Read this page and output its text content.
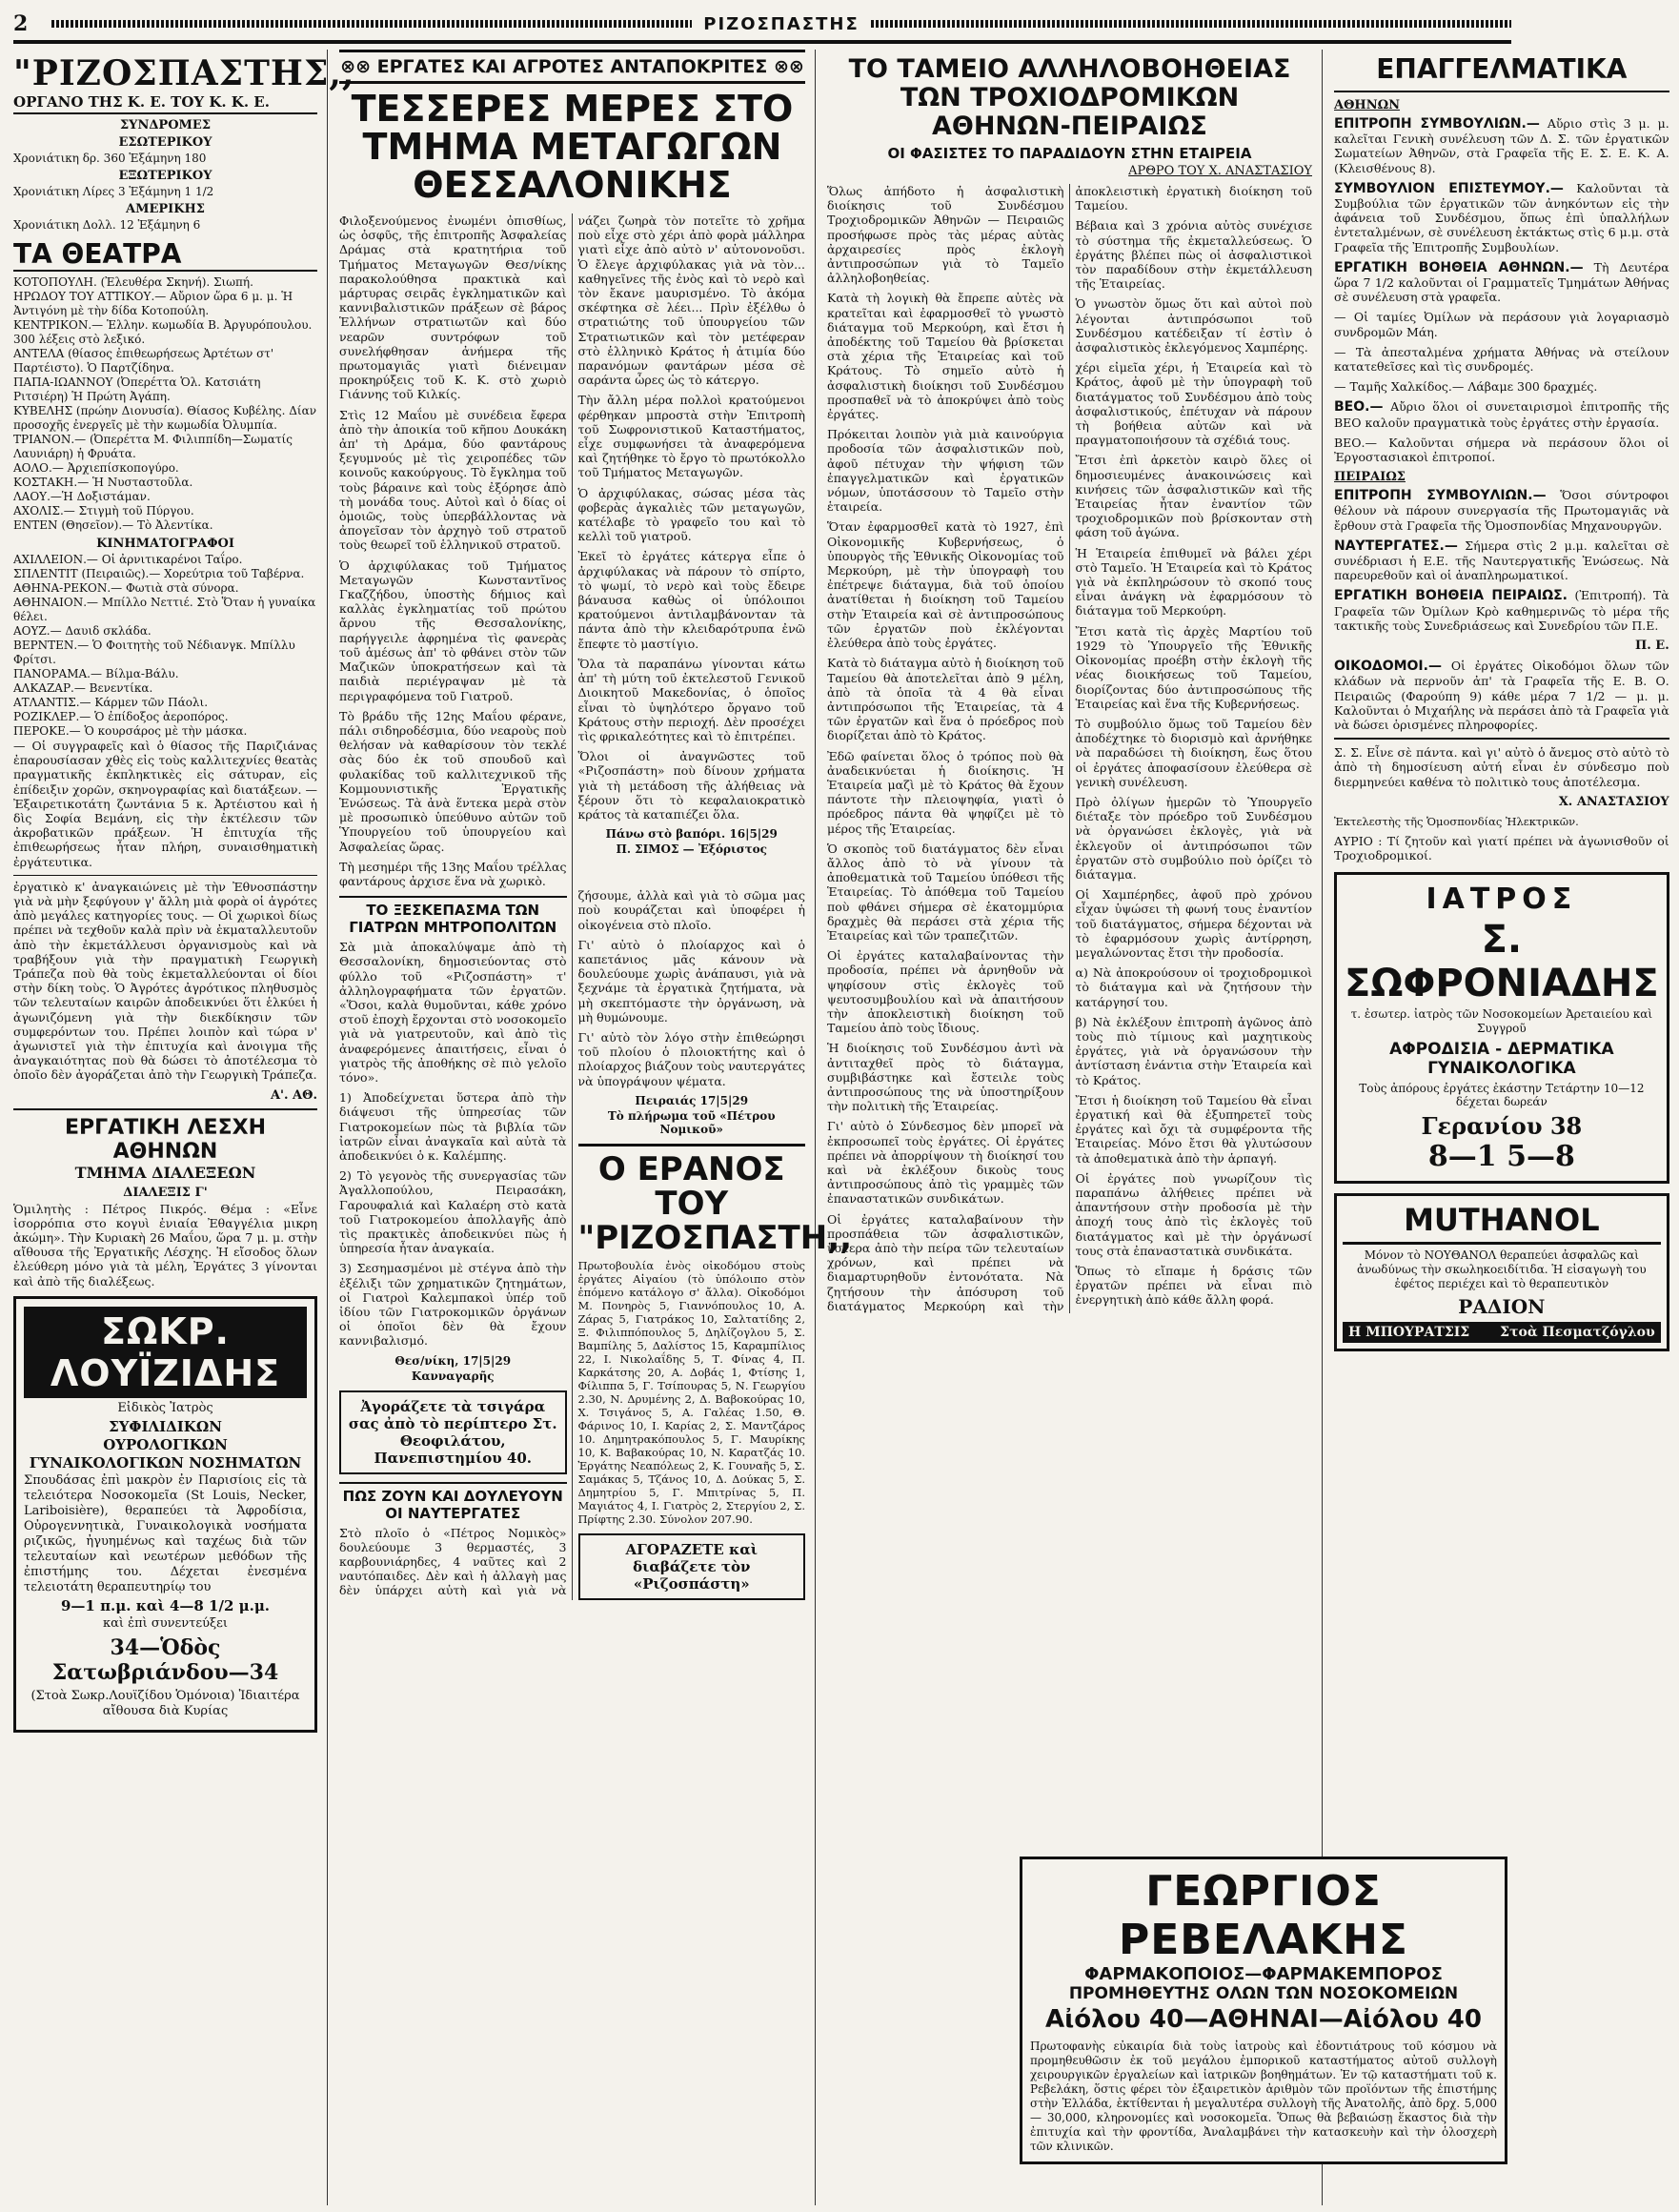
2	ΡΙΖΟΣΠΑΣΤΗΣ
"ΡΙΖΟΣΠΑΣΤΗΣ,,
ΟΡΓΑΝΟ ΤΗΣ Κ. Ε. ΤΟΥ Κ. Κ. Ε.
ΣΥΝΔΡΟΜΕΣ
ΕΣΩΤΕΡΙΚΟΥ

Χρονιάτικη δρ. 360 Ἑξάμηνη 180

ΕΞΩΤΕΡΙΚΟΥ

Χρονιάτικη Λίρες 3 Ἑξάμηνη 1 1/2

ΑΜΕΡΙΚΗΣ

Χρονιάτικη Δολλ. 12 Ἑξάμηνη 6

ΤΑ ΘΕΑΤΡΑ

ΚΟΤΟΠΟΥΛΗ. (Ἐλευθέρα Σκηνή). Σιωπή.

ΗΡΩΔΟΥ ΤΟΥ ΑΤΤΙΚΟΥ.— Αὔριον ὥρα 6 μ. μ. Ἡ Ἀντιγόνη μὲ τὴν δίδα Κοτοπούλη.

ΚΕΝΤΡΙΚΟΝ.— Ἑλλην. κωμωδία Β. Ἀργυρόπουλου. 300 λέξεις στὸ λεξικό.

ΑΝΤΕΛΑ (θίασος ἐπιθεωρήσεως Ἀρτέτων στ' Παρτέιστο). Ὁ Παρτζίδηνα.

ΠΑΠΑ-ΙΩΑΝΝΟΥ (Ὀπερέττα Ὁλ. Κατσιάτη Ριτσιέρη) Ἡ Πρώτη Ἀγάπη.

ΚΥΒΕΛΗΣ (πρώην Διονυσία). Θίασος Κυβέλης. Δίαν προσοχῆς ἐνεργεῖς μὲ τὴν κωμωδία Ὀλυμπία.

ΤΡΙΑΝΟΝ.— (Ὀπερέττα Μ. Φιλιππίδη—Σωματίς Λαυνιάρη) ἡ Φρυάτα.

ΑΟΛΟ.— Ἀρχιεπίσκοπογύρο.

ΚΟΣΤΑΚΗ.— Ἡ Νυσταστοῦλα.

ΛΑΟΥ.—Ἡ Δοξιστάμαν.

ΑΧΟΛΙΣ.— Στιγμὴ τοῦ Πύργου.

ΕΝΤΕΝ (Θησεῖον).— Τὸ Ἀλεντίκα.

ΚΙΝΗΜΑΤΟΓΡΑΦΟΙ

ΑΧΙΛΛΕΙΟΝ.— Οἱ ἀρνιτικαρένοι Ταΐρο.

ΣΠΛΕΝΤΙΤ (Πειραιῶς).— Χορεύτρια τοῦ Ταβέρνα.

ΑΘΗΝΑ-ΡΕΚΟΝ.— Φωτιὰ στὰ σύνορα.

ΑΘΗΝΑΙΟΝ.— Μπίλλο Νεττιέ. Στὸ Ὅταν ἡ γυναίκα θέλει.

ΑΟΥΖ.— Δαυιδ σκλάδα.

ΒΕΡΝΤΕΝ.— Ὁ Φοιτητὴς τοῦ Νέδιανγκ. Μπίλλυ Φρίτσι.

ΠΑΝΟΡΑΜΑ.— Βίλμα-Βάλυ.

ΑΛΚΑΖΑΡ.— Βενεντίκα.

ΑΤΛΑΝΤΙΣ.— Κάρμεν τῶν Πάολι.

ΡΟΖΙΚΛΕΡ.— Ὁ ἐπίδοξος ἀεροπόρος.

ΠΕΡΟΚΕ.— Ὁ κουρσάρος μὲ τὴν μάσκα.

— Οἱ συγγραφεῖς καὶ ὁ θίασος τῆς Παριζιάνας ἐπαρουσίασαν χθὲς εἰς τοὺς καλλιτεχνίες θεατὰς πραγματικῆς ἐκπληκτικὲς εἰς σάτυραν, εἰς ἐπίδειξιν χορῶν, σκηνογραφίας καὶ διατάξεων. — Ἐξαιρετικοτάτη ζωντάνια 5 κ. Ἀρτέιστου καὶ ἡ δὶς Σοφία Βεμάνη, εἰς τὴν ἐκτέλεσιν τῶν ἀκροβατικῶν πράξεων. Ἡ ἐπιτυχία τῆς ἐπιθεωρήσεως ἦταν πλήρη, συναισθηματικὴ ἐργάτευτικα.

ἐργατικὸ κ' ἀναγκαιώνεις μὲ τὴν Ἐθνοσπάστην γιὰ νὰ μὴν ξεφύγουν γ' ἄλλη μιὰ φορὰ οἱ ἀγρότες ἀπὸ μεγάλες κατηγορίες τους. — Οἱ χωρικοὶ δίως πρέπει νὰ τεχθοῦν καλὰ πρὶν νὰ ἐκματαλλευτοῦν ἀπὸ τὴν ἐκμετάλλευσι ὀργανισμοὺς καὶ νὰ τραβήξουν γιὰ τὴν πραγματικὴ Γεωργικὴ Τράπεζα ποὺ θὰ τοὺς ἐκμεταλλεύονται οἱ δίοι στὴν δίκη τοὺς. Ὁ Ἀγρότες ἀγρότικος πληθυσμὸς τῶν τελευταίων καιρῶν ἀποδεικνύει ὅτι ἑλκύει ἡ ἀγωνιζόμενη γιὰ τὴν διεκδίκησιν τῶν συμφερόντων του. Πρέπει λοιπὸν καὶ τώρα ν' ἀγωνιστεῖ γιὰ τὴν ἐπιτυχία καὶ ἀνοιγμα τῆς ἀναγκαιότητας ποὺ θὰ δώσει τὸ ἀποτέλεσμα τὸ ὀποῖο δὲν ἀγοράζεται ἀπὸ τὴν Γεωργικὴ Τράπεζα.

Α'. ΑΘ.
ΕΡΓΑΤΙΚΗ ΛΕΣΧΗ ΑΘΗΝΩΝ
ΤΜΗΜΑ ΔΙΑΛΕΞΕΩΝ
ΔΙΑΛΕΞΙΣ Γ'

Ὁμιλητὴς : Πέτρος Πικρός. Θέμα : «Εἶνε ἰσορρόπια στο κογυὶ ἐνιαία Ἐθαγγέλια μικρη ἀκώμη». Τὴν Κυριακὴ 26 Μαΐου, ὥρα 7 μ. μ. στὴν αἴθουσα τῆς Ἐργατικῆς Λέσχης. Ἡ εἴσοδος ὅλων ἐλεύθερη μόνο γιὰ τὰ μέλη, Ἐργάτες 3 γίνονται καὶ ἀπὸ τῆς διαλέξεως.

ΣΩΚΡ. ΛΟΥΪΖΙΔΗΣ
Εἰδικὸς Ἰατρὸς
ΣΥΦΙΛΙΔΙΚΩΝ
ΟΥΡΟΛΟΓΙΚΩΝ
ΓΥΝΑΙΚΟΛΟΓΙΚΩΝ ΝΟΣΗΜΑΤΩΝ
Σπουδάσας ἐπὶ μακρὸν ἐν Παρισίοις εἰς τὰ τελειότερα Νοσοκομεῖα (St Louis, Necker, Lariboisière), θεραπεύει τὰ Ἀφροδίσια, Οὐρογεννητικὰ, Γυναικολογικὰ νοσήματα ριζικῶς, ἠγυημένως καὶ ταχέως διὰ τῶν τελευταίων καὶ νεωτέρων μεθόδων τῆς ἐπιστήμης του. Δέχεται ἐνεσμένα τελειοτάτη θεραπευτηρίῳ του
9—1 π.μ. καὶ 4—8 1/2 μ.μ.
καὶ ἐπὶ συνεντεύξει
34—Ὁδὸς Σατωβριάνδου—34
(Στοὰ Σωκρ.Λουϊζίδου Ὁμόνοια) Ἰδιαιτέρα αἴθουσα διὰ Κυρίας
⊗⊗ ΕΡΓΑΤΕΣ ΚΑΙ ΑΓΡΟΤΕΣ ΑΝΤΑΠΟΚΡΙΤΕΣ ⊗⊗
ΤΕΣΣΕΡΕΣ ΜΕΡΕΣ ΣΤΟ ΤΜΗΜΑ ΜΕΤΑΓΩΓΩΝ ΘΕΣΣΑΛΟΝΙΚΗΣ

Φιλοξενούμενος ἐνωμένι ὀπισθίως, ὡς ὀσφῦς, τῆς ἐπιτροπῆς Ἀσφαλείας Δράμας στὰ κρατητήρια τοῦ Τμήματος Μεταγωγῶν Θεσ/νίκης παρακολούθησα πρακτικὰ καὶ μάρτυρας σειρᾶς ἐγκληματικῶν καὶ καννιβαλιστικῶν πράξεων σὲ βάρος Ἑλλήνων στρατιωτῶν καὶ δύο νεαρῶν συντρόφων τοῦ συνελήφθησαν ἀνήμερα τῆς πρωτομαγιᾶς γιατὶ διένειμαν προκηρύξεις τοῦ Κ. Κ. στὸ χωριὸ Γιάννης τοῦ Κιλκίς.

Στὶς 12 Μαΐου μὲ συνέδεια ἔφερα ἀπὸ τὴν ἀποικία τοῦ κῆπου Δουκάκη ἀπ' τὴ Δράμα, δύο φαντάρους ξεγυμνούς μὲ τὶς χειροπέδες τῶν κοινοῦς κακούργους. Τὸ ἔγκλημα τοῦ τοὺς βάραινε καὶ τοὺς ἐξόρησε ἀπὸ τὴ μονάδα τους. Αὐτοὶ καὶ ὁ δίας οἱ ὁμοιῶς, τοὺς ὑπερβάλλοντας νὰ ἀπογεῖσαν τὸν ἀρχηγὸ τοῦ στρατοῦ τοὺς θεωρεῖ τοῦ ἑλληνικοῦ στρατοῦ.

Ὁ ἀρχιφύλακας τοῦ Τμήματος Μεταγωγῶν Κωνσταντῖνος Γκαζζήδου, ὑποστὴς δήμιος καὶ καλλὰς ἐγκληματίας τοῦ πρώτου ἄρνου τῆς Θεσσαλονίκης, παρήγγειλε ἀφρημένα τὶς φανερὰς τοῦ ἀμέσως ἀπ' τὸ φθάνει στὸν τῶν Μαζικῶν ὑποκρατήσεων καὶ τὰ παιδιὰ περιέγραψαν μὲ τὰ περιγραφόμενα τοῦ Γιατροῦ.

Τὸ βράδυ τῆς 12ης Μαΐου φέρανε, πάλι σιδηροδέσμια, δύο νεαροὺς ποὺ θελήσαν νὰ καθαρίσουν τὸν τεκλέ σὰς δύο ἐκ τοῦ σπουδοῦ καὶ φυλακίδας τοῦ καλλιτεχνικοῦ τῆς Κομμουνιστικῆς Ἐργατικῆς Ἑνώσεως. Τὰ ἀνὰ ἕντεκα μερὰ στὸν μὲ προσωπικὸ ὑπεύθυνο αὐτῶν τοῦ Ὑπουργείου τοῦ ὑπουργείου καὶ Ἀσφαλείας ὥρας.

Τὴ μεσημέρι τῆς 13ης Μαΐου τρέλλας φαντάρους ἀρχισε ἕνα νὰ χωρικὸ.

νάζει ζωηρὰ τὸν ποτεῖτε τὸ χρῆμα ποὺ εἶχε στὸ χέρι ἀπὸ φορὰ μάλληρα γιατὶ εἶχε ἀπὸ αὐτὸ ν' αὐτονονοῦσι. Ὁ ἔλεγε ἀρχιφύλακας γιὰ νὰ τὸν... καθηγεῖνες τῆς ἐνὸς καὶ τὸ νερὸ καὶ τὸν ἔκανε μαυρισμένο. Τὸ ἀκόμα σκέφτηκα σὲ λέει... Πρὶν ἐξέλθω ὁ στρατιώτης τοῦ ὑπουργείου τῶν Στρατιωτικῶν καὶ τὸν μετέφεραν στὸ ἑλληνικὸ Κράτος ἡ ἀτιμία δύο παρανόμων φαντάρων μέσα σὲ σαράντα ὧρες ὡς τὸ κάτεργο.

Τὴν ἄλλη μέρα πολλοὶ κρατούμενοι φέρθηκαν μπροστὰ στὴν Ἐπιτροπὴ τοῦ Σωφρονιστικοῦ Καταστήματος, εἶχε συμφωνήσει τὰ ἀναφερόμενα καὶ ζητήθηκε τὸ ἔργο τὸ πρωτόκολλο τοῦ Τμήματος Μεταγωγῶν.

Ὁ ἀρχιφύλακας, σώσας μέσα τὰς φοβερὰς ἀγκαλιὲς τῶν μεταγωγῶν, κατέλαβε τὸ γραφεῖο του καὶ τὸ κελλὶ τοῦ γιατροῦ.

Ἐκεῖ τὸ ἐργάτες κάτεργα εἶπε ὁ ἀρχιφύλακας νὰ πάρουν τὸ σπίρτο, τὸ ψωμί, τὸ νερὸ καὶ τοὺς ἔδειρε βάναυσα καθὼς οἱ ὑπόλοιποι κρατούμενοι ἀντιλαμβάνονταν τὰ πάντα ἀπὸ τὴν κλειδαρότρυπα ἐνῶ ἔπεφτε τὸ μαστίγιο.

Ὅλα τὰ παραπάνω γίνονται κάτω ἀπ' τὴ μύτη τοῦ ἐκτελεστοῦ Γενικοῦ Διοικητοῦ Μακεδονίας, ὁ ὁποῖος εἶναι τὸ ὑψηλότερο ὄργανο τοῦ Κράτους στὴν περιοχή. Δὲν προσέχει τὶς φρικαλεότητες καὶ τὸ ἐπιτρέπει.

Ὅλοι οἱ ἀναγνῶστες τοῦ «Ριζοσπάστη» ποὺ δίνουν χρήματα γιὰ τὴ μετάδοση τῆς ἀλήθειας νὰ ξέρουν ὅτι τὸ κεφαλαιοκρατικὸ κράτος τὰ καταπιέζει ὅλα.

Πάνω στὸ βαπόρι. 16|5|29
Π. ΣΙΜΟΣ — Ἐξόριστος
ΤΟ ΞΕΣΚΕΠΑΣΜΑ ΤΩΝ ΓΙΑΤΡΩΝ ΜΗΤΡΟΠΟΛΙΤΩΝ

Σὰ μιὰ ἀποκαλύψαμε ἀπὸ τὴ Θεσσαλονίκη, δημοσιεύοντας στὸ φύλλο τοῦ «Ριζοσπάστη» τ' ἀλληλογραφήματα τῶν ἐργατῶν. «Ὅσοι, καλὰ θυμοῦνται, κάθε χρόνο στοῦ ἐποχὴ ἔρχονται στὸ νοσοκομεῖο γιὰ νὰ γιατρευτοῦν, καὶ ἀπὸ τὶς ἀναφερόμενες ἀπαιτήσεις, εἶναι ὁ γιατρὸς τῆς ἀποθήκης σὲ πιὸ γελοῖο τόνο».

1) Ἀποδείχνεται ὕστερα ἀπὸ τὴν διάψευσι τῆς ὑπηρεσίας τῶν Γιατροκομείων πὼς τὰ βιβλία τῶν ἰατρῶν εἶναι ἀναγκαῖα καὶ αὐτὰ τὰ ἀποδεικνύει ὁ κ. Καλέμπης.

2) Τὸ γεγονὸς τῆς συνεργασίας τῶν Ἀγαλλοπούλου, Πειρασάκη, Γαρουφαλιά καὶ Καλαέρη στὸ κατὰ τοῦ Γιατροκομείου ἀπολλαγῆς ἀπὸ τὶς πρακτικὲς ἀποδεικνύει πὼς ἡ ὑπηρεσία ἦταν ἀναγκαία.

3) Σεσημασμένοι μὲ στέγνα ἀπὸ τὴν ἐξέλιξι τῶν χρηματικῶν ζητημάτων, οἱ Γιατροὶ Καλεμπακοὶ ὑπέρ τοῦ ἰδίου τῶν Γιατροκομικῶν ὀργάνων οἱ ὁποῖοι δὲν θὰ ἔχουν καννιβαλισμό.

Θεσ/νίκη, 17|5|29
Κανναγαρῆς
Ἀγοράζετε τὰ τσιγάρα σας ἀπὸ τὸ περίπτερο Στ. Θεοφιλάτου, Πανεπιστημίου 40.
ΠΩΣ ΖΟΥΝ ΚΑΙ ΔΟΥΛΕΥΟΥΝ ΟΙ ΝΑΥΤΕΡΓΑΤΕΣ

Στὸ πλοῖο ὁ «Πέτρος Νομικὸς» δουλεύουμε 3 θερμαστές, 3 καρβουνιάρηδες, 4 ναῦτες καὶ 2 ναυτόπαιδες. Δὲν καὶ ἡ ἀλλαγὴ μας δὲν ὑπάρχει αὐτὴ καὶ γιὰ νὰ ζήσουμε, ἀλλὰ καὶ γιὰ τὸ σῶμα μας ποὺ κουράζεται καὶ ὑποφέρει ἡ οἰκογένεια στὸ πλοῖο.

Γι' αὐτὸ ὁ πλοίαρχος καὶ ὁ καπετάνιος μᾶς κάνουν νὰ δουλεύουμε χωρὶς ἀνάπαυσι, γιὰ νὰ ξεχνάμε τὰ ἐργατικὰ ζητήματα, νὰ μὴ σκεπτόμαστε τὴν ὀργάνωση, νὰ μὴ θυμώνουμε.

Γι' αὐτὸ τὸν λόγο στὴν ἐπιθεώρησι τοῦ πλοίου ὁ πλοιοκτήτης καὶ ὁ πλοίαρχος βιάζουν τοὺς ναυτεργάτες νὰ ὑπογράψουν ψέματα.

Πειραιάς 17|5|29
Τὸ πλήρωμα τοῦ «Πέτρου Νομικοῦ»
Ο ΕΡΑΝΟΣ ΤΟΥ "ΡΙΖΟΣΠΑΣΤΗ,,

Πρωτοβουλία ἐνὸς οἰκοδόμου στοὺς ἐργάτες Αἰγαίου (τὸ ὑπόλοιπο στὸν ἐπόμενο κατάλογο σ' ἄλλα). Οἰκοδόμοι Μ. Πονηρὸς 5, Γιαννόπουλος 10, Α. Ζάρας 5, Γιατράκος 10, Σαλτατίδης 2, Ξ. Φιλιππόπουλος 5, Δηλίζογλου 5, Σ. Βαμπίλης 5, Δαλίστος 15, Καραμπίλιος 22, I. Νικολαΐδης 5, Τ. Φίνας 4, Π. Καρκάτσης 20, Α. Δοβάς 1, Φτίσης 1, Φίλιππα 5, Γ. Τσίπουρας 5, Ν. Γεωργίου 2.30, Ν. Δρυμένης 2, Δ. Βαβοκούρας 10, Χ. Τσιγάνος 5, Α. Γαλέας 1.50, Θ. Φάρινος 10, Ι. Καρίας 2, Σ. Μαντζάρος 10. Δημητρακόπουλος 5, Γ. Μαυρίκης 10, Κ. Βαβακούρας 10, Ν. Καρατζάς 10. Ἐργάτης Νεαπόλεως 2, Κ. Γουναῆς 5, Σ. Σαμάκας 5, Τζάνος 10, Δ. Δούκας 5, Σ. Δημητρίου 5, Γ. Μπιτρίνας 5, Π. Μαγιάτος 4, Ι. Γιατρὸς 2, Στεργίου 2, Σ. Πρίφτης 2.30. Σύνολον 207.90.

ΑΓΟΡΑΖΕΤΕ καὶ διαβάζετε τὸν «Ριζοσπάστη»
ΤΟ ΤΑΜΕΙΟ ΑΛΛΗΛΟΒΟΗΘΕΙΑΣ ΤΩΝ ΤΡΟΧΙΟΔΡΟΜΙΚΩΝ ΑΘΗΝΩΝ-ΠΕΙΡΑΙΩΣ
ΟΙ ΦΑΣΙΣΤΕΣ ΤΟ ΠΑΡΑΔΙΔΟΥΝ ΣΤΗΝ ΕΤΑΙΡΕΙΑ
ΑΡΘΡΟ ΤΟΥ Χ. ΑΝΑΣΤΑΣΙΟΥ

Ὅλως ἀπήδοτο ἡ ἀσφαλιστικὴ διοίκησις τοῦ Συνδέσμου Τροχιοδρομικῶν Ἀθηνῶν — Πειραιῶς προσήφωσε πρὸς τὰς μέρας αὐτὰς ἀρχαιρεσίες πρὸς ἐκλογὴ ἀντιπροσώπων γιὰ τὸ Ταμεῖο ἀλληλοβοηθείας.

Κατὰ τὴ λογικὴ θὰ ἔπρεπε αὐτὲς νὰ κρατεῖται καὶ ἐφαρμοσθεῖ τὸ γνωστὸ διάταγμα τοῦ Μερκούρη, καὶ ἔτσι ἡ ἀποδέκτης τοῦ Ταμείου θὰ βρίσκεται στὰ χέρια τῆς Ἑταιρείας καὶ τοῦ Κράτους. Τὸ σημεῖο αὐτὸ ἡ ἀσφαλιστικὴ διοίκησι τοῦ Συνδέσμου προσπαθεῖ νὰ τὸ ἀποκρύψει ἀπὸ τοὺς ἐργάτες.

Πρόκειται λοιπὸν γιὰ μιὰ καινούργια προδοσία τῶν ἀσφαλιστικῶν ποὺ, ἀφοῦ πέτυχαν τὴν ψήφιση τῶν ἐπαγγελματικῶν καὶ ἐργατικῶν νόμων, ὑποτάσσουν τὸ Ταμεῖο στὴν ἑταιρεία.

Ὅταν ἐφαρμοσθεῖ κατὰ τὸ 1927, ἐπὶ Οἰκονομικῆς Κυβερνήσεως, ὁ ὑπουργὸς τῆς Ἐθνικῆς Οἰκονομίας τοῦ Μερκούρη, μὲ τὴν ὑπογραφὴ του ἐπέτρεψε διάταγμα, διὰ τοῦ ὁποίου ἀνατίθεται ἡ διοίκηση τοῦ Ταμείου στὴν Ἑταιρεία καὶ σὲ ἀντιπροσώπους τῶν ἐργατῶν ποὺ ἐκλέγονται ἐλεύθερα ἀπὸ τοὺς ἐργάτες.

Κατὰ τὸ διάταγμα αὐτὸ ἡ διοίκηση τοῦ Ταμείου θὰ ἀποτελεῖται ἀπὸ 9 μέλη, ἀπὸ τὰ ὁποῖα τὰ 4 θὰ εἶναι ἀντιπρόσωποι τῆς Ἑταιρείας, τὰ 4 τῶν ἐργατῶν καὶ ἕνα ὁ πρόεδρος ποὺ διορίζεται ἀπὸ τὸ Κράτος.

Ἐδῶ φαίνεται ὅλος ὁ τρόπος ποὺ θὰ ἀναδεικνύεται ἡ διοίκησις. Ἡ Ἑταιρεία μαζὶ μὲ τὸ Κράτος θὰ ἔχουν πάντοτε τὴν πλειοψηφία, γιατὶ ὁ πρόεδρος πάντα θὰ ψηφίζει μὲ τὸ μέρος τῆς Ἑταιρείας.

Ὁ σκοπὸς τοῦ διατάγματος δὲν εἶναι ἄλλος ἀπὸ τὸ νὰ γίνουν τὰ ἀποθεματικὰ τοῦ Ταμείου ὑπόθεσι τῆς Ἑταιρείας. Τὸ ἀπόθεμα τοῦ Ταμείου ποὺ φθάνει σήμερα σὲ ἑκατομμύρια δραχμὲς θὰ περάσει στὰ χέρια τῆς Ἑταιρείας καὶ τῶν τραπεζιτῶν.

Οἱ ἐργάτες καταλαβαίνοντας τὴν προδοσία, πρέπει νὰ ἀρνηθοῦν νὰ ψηφίσουν στὶς ἐκλογὲς τοῦ ψευτοσυμβουλίου καὶ νὰ ἀπαιτήσουν τὴν ἀποκλειστικὴ διοίκηση τοῦ Ταμείου ἀπὸ τοὺς ἴδιους.

Ἡ διοίκησις τοῦ Συνδέσμου ἀντὶ νὰ ἀντιταχθεῖ πρὸς τὸ διάταγμα, συμβιβάστηκε καὶ ἔστειλε τοὺς ἀντιπροσώπους της νὰ ὑποστηρίξουν τὴν πολιτικὴ τῆς Ἑταιρείας.

Γι' αὐτὸ ὁ Σύνδεσμος δὲν μπορεῖ νὰ ἐκπροσωπεῖ τοὺς ἐργάτες. Οἱ ἐργάτες πρέπει νὰ ἀπορρίψουν τὴ διοίκησί του καὶ νὰ ἐκλέξουν δικοὺς τους ἀντιπροσώπους ἀπὸ τὶς γραμμὲς τῶν ἐπαναστατικῶν συνδικάτων.

Οἱ ἐργάτες καταλαβαίνουν τὴν προσπάθεια τῶν ἀσφαλιστικῶν, ὕστερα ἀπὸ τὴν πείρα τῶν τελευταίων χρόνων, καὶ πρέπει νὰ διαμαρτυρηθοῦν ἐντονότατα. Νὰ ζητήσουν τὴν ἀπόσυρση τοῦ διατάγματος Μερκούρη καὶ τὴν ἀποκλειστικὴ ἐργατικὴ διοίκηση τοῦ Ταμείου.

Βέβαια καὶ 3 χρόνια αὐτὸς συνέχισε τὸ σύστημα τῆς ἐκμεταλλεύσεως. Ὁ ἐργάτης βλέπει πὼς οἱ ἀσφαλιστικοὶ τὸν παραδίδουν στὴν ἐκμετάλλευση τῆς Ἑταιρείας.

Ὁ γνωστὸν ὅμως ὅτι καὶ αὐτοὶ ποὺ λέγονται ἀντιπρόσωποι τοῦ Συνδέσμου κατέδειξαν τί ἐστὶν ὁ ἀσφαλιστικὸς ἐκλεγόμενος Χαμπέρης.

χέρι εἰμεῖα χέρι, ἡ Ἑταιρεία καὶ τὸ Κράτος, ἀφοῦ μὲ τὴν ὑπογραφὴ τοῦ διατάγματος τοῦ Συνδέσμου ἀπὸ τοὺς ἀσφαλιστικούς, ἐπέτυχαν νὰ πάρουν τὴ βοήθεια αὐτῶν καὶ νὰ πραγματοποιήσουν τὰ σχέδιά τους.

Ἔτσι ἐπὶ ἀρκετὸν καιρὸ ὅλες οἱ δημοσιευμένες ἀνακοινώσεις καὶ κινήσεις τῶν ἀσφαλιστικῶν καὶ τῆς Ἑταιρείας ἦταν ἐναντίον τῶν τροχιοδρομικῶν ποὺ βρίσκονταν στὴ φάση τοῦ ἀγώνα.

Ἡ Ἑταιρεία ἐπιθυμεῖ νὰ βάλει χέρι στὸ Ταμεῖο. Ἡ Ἑταιρεία καὶ τὸ Κράτος γιὰ νὰ ἐκπληρώσουν τὸ σκοπό τους εἶναι ἀνάγκη νὰ ἐφαρμόσουν τὸ διάταγμα τοῦ Μερκούρη.

Ἔτσι κατὰ τὶς ἀρχὲς Μαρτίου τοῦ 1929 τὸ Ὑπουργεῖο τῆς Ἐθνικῆς Οἰκονομίας προέβη στὴν ἐκλογὴ τῆς νέας διοικήσεως τοῦ Ταμείου, διορίζοντας δύο ἀντιπροσώπους τῆς Ἑταιρείας καὶ ἕνα τῆς Κυβερνήσεως.

Τὸ συμβούλιο ὅμως τοῦ Ταμείου δὲν ἀποδέχτηκε τὸ διορισμὸ καὶ ἀρνήθηκε νὰ παραδώσει τὴ διοίκηση, ἕως ὅτου οἱ ἐργάτες ἀποφασίσουν ἐλεύθερα σὲ γενικὴ συνέλευση.

Πρὸ ὀλίγων ἡμερῶν τὸ Ὑπουργεῖο διέταξε τὸν πρόεδρο τοῦ Συνδέσμου νὰ ὀργανώσει ἐκλογὲς, γιὰ νὰ ἐκλεγοῦν οἱ ἀντιπρόσωποι τῶν ἐργατῶν στὸ συμβούλιο ποὺ ὁρίζει τὸ διάταγμα.

Οἱ Χαμπέρηδες, ἀφοῦ πρὸ χρόνου εἶχαν ὑψώσει τὴ φωνή τους ἐναντίον τοῦ διατάγματος, σήμερα δέχονται νὰ τὸ ἐφαρμόσουν χωρὶς ἀντίρρηση, μεγαλώνοντας ἔτσι τὴν προδοσία.

α) Νὰ ἀποκρούσουν οἱ τροχιοδρομικοὶ τὸ διάταγμα καὶ νὰ ζητήσουν τὴν κατάργησί του.

β) Νὰ ἐκλέξουν ἐπιτροπὴ ἀγῶνος ἀπὸ τοὺς πιὸ τίμιους καὶ μαχητικοὺς ἐργάτες, γιὰ νὰ ὀργανώσουν τὴν ἀντίσταση ἐνάντια στὴν Ἑταιρεία καὶ τὸ Κράτος.

Ἔτσι ἡ διοίκηση τοῦ Ταμείου θὰ εἶναι ἐργατική καὶ θὰ ἐξυπηρετεῖ τοὺς ἐργάτες καὶ ὄχι τὰ συμφέροντα τῆς Ἑταιρείας. Μόνο ἔτσι θὰ γλυτώσουν τὰ ἀποθεματικὰ ἀπὸ τὴν ἁρπαγή.

Οἱ ἐργάτες ποὺ γνωρίζουν τὶς παραπάνω ἀλήθειες πρέπει νὰ ἀπαντήσουν στὴν προδοσία μὲ τὴν ἀποχή τους ἀπὸ τὶς ἐκλογὲς τοῦ διατάγματος καὶ μὲ τὴν ὀργάνωσί τους στὰ ἐπαναστατικὰ συνδικάτα.

Ὅπως τὸ εἴπαμε ἡ δράσις τῶν ἐργατῶν πρέπει νὰ εἶναι πιὸ ἐνεργητικὴ ἀπὸ κάθε ἄλλη φορά.

ΕΠΑΓΓΕΛΜΑΤΙΚΑ
ΑΘΗΝΩΝ

ΕΠΙΤΡΟΠΗ ΣΥΜΒΟΥΛΙΩΝ.— Αὔριο στὶς 3 μ. μ. καλεῖται Γενικὴ συνέλευση τῶν Δ. Σ. τῶν ἐργατικῶν Σωματείων Ἀθηνῶν, στὰ Γραφεῖα τῆς Ε. Σ. Ε. Κ. Α. (Κλεισθένους 8).

ΣΥΜΒΟΥΛΙΟΝ ΕΠΙΣΤΕΥΜΟΥ.— Καλοῦνται τὰ Συμβούλια τῶν ἐργατικῶν τῶν ἀνηκόντων εἰς τὴν ἀφάνεια τοῦ Συνδέσμου, ὅπως ἐπὶ ὑπαλλήλων ἐντεταλμένων, σὲ συνέλευση ἐκτάκτως στὶς 6 μ.μ. στὰ Γραφεῖα τῆς Ἐπιτροπῆς Συμβουλίων.

ΕΡΓΑΤΙΚΗ ΒΟΗΘΕΙΑ ΑΘΗΝΩΝ.— Τὴ Δευτέρα ὥρα 7 1/2 καλοῦνται οἱ Γραμματεῖς Τμημάτων Ἀθήνας σὲ συνέλευση στὰ γραφεῖα.

— Οἱ ταμίες Ὀμίλων νὰ περάσουν γιὰ λογαριασμὸ συνδρομῶν Μάη.

— Τὰ ἀπεσταλμένα χρήματα Ἀθήνας νὰ στείλουν κατατεθεῖσες καὶ τὶς συνδρομές.

— Ταμῆς Χαλκίδος.— Λάβαμε 300 δραχμές.

ΒΕΟ.— Αὔριο ὅλοι οἱ συνεταιρισμοὶ ἐπιτροπῆς τῆς ΒΕΟ καλοῦν πραγματικὰ τοὺς ἐργάτες στὴν ἐργασία.

ΒΕΟ.— Καλοῦνται σήμερα νὰ περάσουν ὅλοι οἱ Ἐργοστασιακοὶ ἐπιτροποί.

ΠΕΙΡΑΙΩΣ

ΕΠΙΤΡΟΠΗ ΣΥΜΒΟΥΛΙΩΝ.— Ὅσοι σύντροφοι θέλουν νὰ πάρουν συνεργασία τῆς Πρωτομαγιᾶς νὰ ἔρθουν στὰ Γραφεῖα τῆς Ὁμοσπονδίας Μηχανουργῶν.

ΝΑΥΤΕΡΓΑΤΕΣ.— Σήμερα στὶς 2 μ.μ. καλεῖται σὲ συνέδριασι ἡ Ε.Ε. τῆς Ναυτεργατικῆς Ἑνώσεως. Νὰ παρευρεθοῦν καὶ οἱ ἀναπληρωματικοί.

ΕΡΓΑΤΙΚΗ ΒΟΗΘΕΙΑ ΠΕΙΡΑΙΩΣ. (Ἐπιτροπή). Τὰ Γραφεῖα τῶν Ὀμίλων Κρὸ καθημερινῶς τὸ μέρα τῆς τακτικῆς τοὺς Συνεδριάσεως καὶ Συνεδρίου τῶν Π.Ε.

Π. Ε.

ΟΙΚΟΔΟΜΟΙ.— Οἱ ἐργάτες Οἰκοδόμοι ὅλων τῶν κλάδων νὰ περνοῦν ἀπ' τὰ Γραφεῖα τῆς Ε. Β. Ο. Πειραιῶς (Φαρούπη 9) κάθε μέρα 7 1/2 — μ. μ. Καλοῦνται ὁ Μιχαήλης νὰ περάσει ἀπὸ τὰ Γραφεῖα γιὰ νὰ δώσει ὁρισμένες πληροφορίες.

Σ. Σ. Εἶνε σὲ πάντα. καὶ γι' αὐτὸ ὁ ἄνεμος στὸ αὐτὸ τὸ ἀπὸ τὴ δημοσίευση αὐτή εἶναι ἐν σύνδεσμο ποὺ διερμηνεύει καθένα τὸ πολιτικὸ τους ἀποτέλεσμα.

Χ. ΑΝΑΣΤΑΣΙΟΥ

Ἐκτελεστὴς τῆς Ὁμοσπονδίας Ἠλεκτρικῶν.

ΑΥΡΙΟ : Τί ζητοῦν καὶ γιατί πρέπει νὰ ἀγωνισθοῦν οἱ Τροχιοδρομικοί.

ΙΑΤΡΟΣ
Σ. ΣΩΦΡΟΝΙΑΔΗΣ
τ. ἐσωτερ. ἰατρὸς τῶν Νοσοκομείων Ἀρεταιείου καὶ Συγγροῦ
ΑΦΡΟΔΙΣΙΑ - ΔΕΡΜΑΤΙΚΑ ΓΥΝΑΙΚΟΛΟΓΙΚΑ
Τοὺς ἀπόρους ἐργάτες ἐκάστην Τετάρτην 10—12 δέχεται δωρεάν
Γερανίου 38
8—1 5—8
MUTHANOL
Μόνον τὸ ΝΟΥΘΑΝΟΛ θεραπεύει ἀσφαλῶς καὶ ἀνωδύνως τὴν σκωληκοειδίτιδα. Ἡ εἰσαγωγὴ του ἐφέτος περιέχει καὶ τὸ θεραπευτικὸν
ΡΑΔΙΟΝ
Η ΜΠΟΥΡΑΤΣΙΣ Στοὰ Πεσματζόγλου
ΓΕΩΡΓΙΟΣ ΡΕΒΕΛΑΚΗΣ
ΦΑΡΜΑΚΟΠΟΙΟΣ—ΦΑΡΜΑΚΕΜΠΟΡΟΣ
ΠΡΟΜΗΘΕΥΤΗΣ ΟΛΩΝ ΤΩΝ ΝΟΣΟΚΟΜΕΙΩΝ
Αἰόλου 40—ΑΘΗΝΑΙ—Αἰόλου 40
Πρωτοφανὴς εὐκαιρία διὰ τοὺς ἰατροὺς καὶ ἐδοντιάτρους τοῦ κόσμου νὰ προμηθευθῶσιν ἐκ τοῦ μεγάλου ἐμπορικοῦ καταστήματος αὐτοῦ συλλογὴ χειρουργικῶν ἐργαλείων καὶ ἰατρικῶν βοηθημάτων. Ἐν τῷ καταστήματι τοῦ κ. Ρεβελάκη, ὅστις φέρει τὸν ἐξαιρετικὸν ἀριθμὸν τῶν προϊόντων τῆς ἐπιστήμης στὴν Ἑλλάδα, ἐκτίθενται ἡ μεγαλυτέρα συλλογὴ τῆς Ἀνατολῆς, ἀπὸ δρχ. 5,000 — 30,000, κληρονομίες καὶ νοσοκομεῖα. Ὅπως θὰ βεβαιώσῃ ἕκαστος διὰ τὴν ἐπιτυχία καὶ τὴν φροντίδα, Ἀναλαμβάνει τὴν κατασκευὴν καὶ τὴν ὁλοσχερὴ τῶν κλινικῶν.
